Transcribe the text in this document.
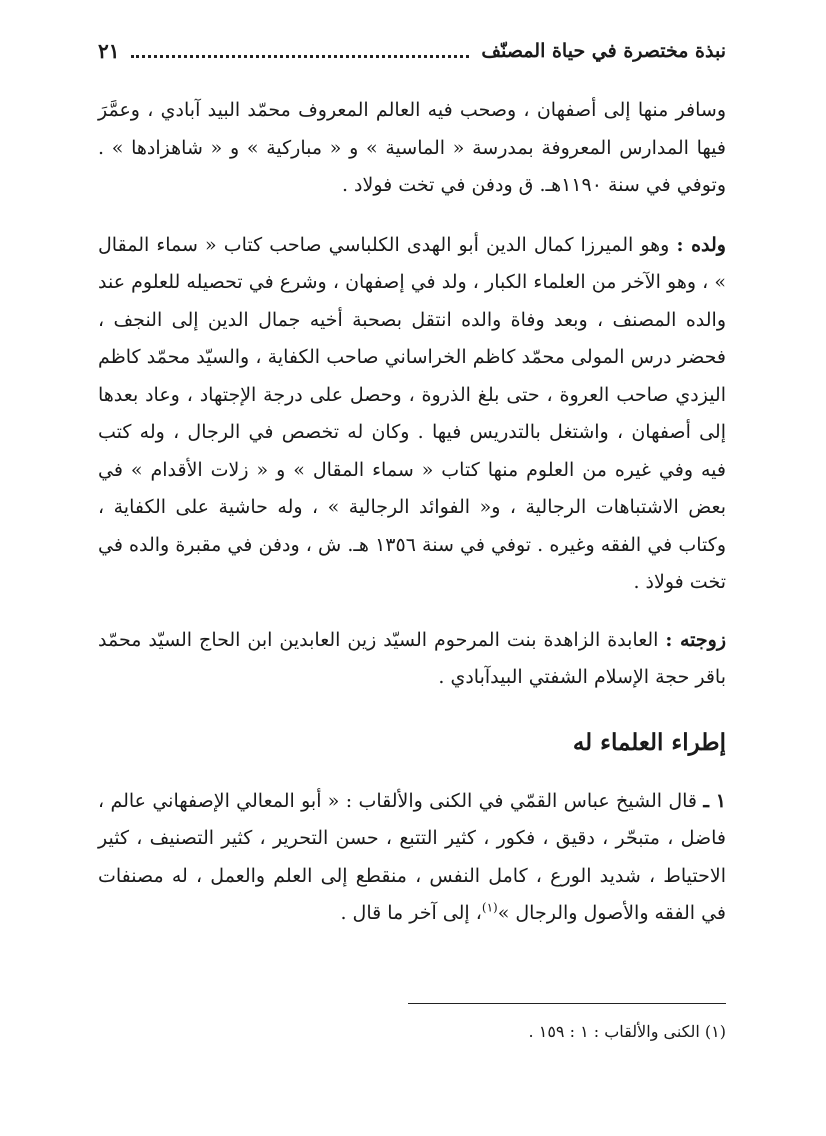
نبذة مختصرة في حياة المصنّف
٢١

وسافر منها إلى أصفهان ، وصحب فيه العالم المعروف محمّد البيد آبادي ، وعمَّرَ فيها المدارس المعروفة بمدرسة « الماسية » و « مباركية » و « شاهزادها » . وتوفي في سنة ١١٩٠هـ. ق ودفن في تخت فولاد .

ولده : وهو الميرزا كمال الدين أبو الهدى الكلباسي صاحب كتاب « سماء المقال » ، وهو الآخر من العلماء الكبار ، ولد في إصفهان ، وشرع في تحصيله للعلوم عند والده المصنف ، وبعد وفاة والده انتقل بصحبة أخيه جمال الدين إلى النجف ، فحضر درس المولى محمّد كاظم الخراساني صاحب الكفاية ، والسيّد محمّد كاظم اليزدي صاحب العروة ، حتى بلغ الذروة ، وحصل على درجة الإجتهاد ، وعاد بعدها إلى أصفهان ، واشتغل بالتدريس فيها . وكان له تخصص في الرجال ، وله كتب فيه وفي غيره من العلوم منها كتاب « سماء المقال » و « زلات الأقدام » في بعض الاشتباهات الرجالية ، و« الفوائد الرجالية » ، وله حاشية على الكفاية ، وكتاب في الفقه وغيره . توفي في سنة ١٣٥٦ هـ. ش ، ودفن في مقبرة والده في تخت فولاذ .

زوجته : العابدة الزاهدة بنت المرحوم السيّد زين العابدين ابن الحاج السيّد محمّد باقر حجة الإسلام الشفتي البيدآبادي .

إطراء العلماء له

١ ـ قال الشيخ عباس القمّي في الكنى والألقاب : « أبو المعالي الإصفهاني عالم ، فاضل ، متبحّر ، دقيق ، فكور ، كثير التتبع ، حسن التحرير ، كثير التصنيف ، كثير الاحتياط ، شديد الورع ، كامل النفس ، منقطع إلى العلم والعمل ، له مصنفات في الفقه والأصول والرجال »$^{(١)}$، إلى آخر ما قال .

(١) الكنى والألقاب : ١ : ١٥٩ .
